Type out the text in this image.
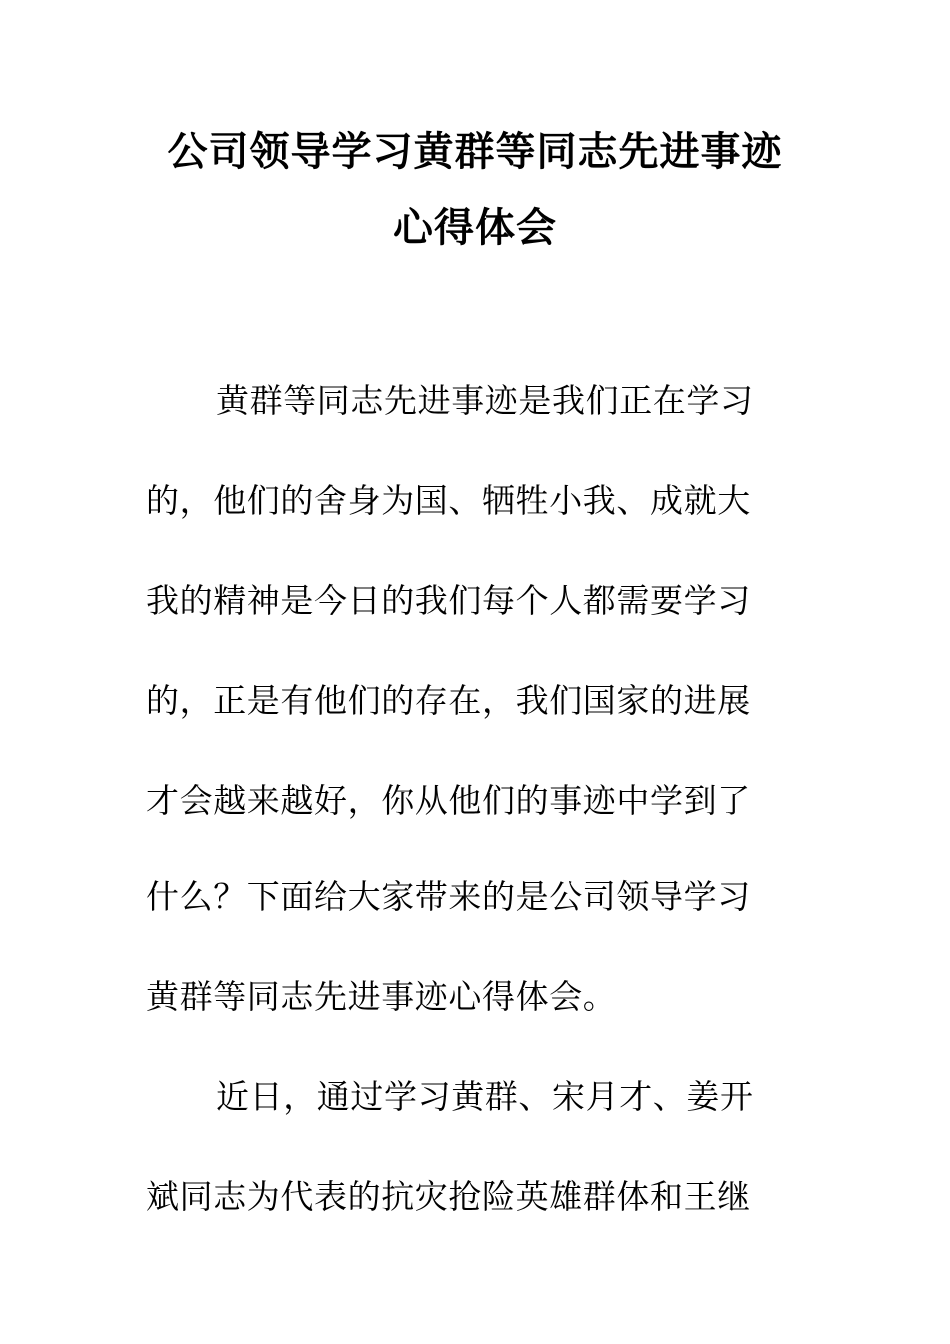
公司领导学习黄群等同志先进事迹
心得体会
黄群等同志先进事迹是我们正在学习
的，他们的舍身为国、牺牲小我、成就大
我的精神是今日的我们每个人都需要学习
的，正是有他们的存在，我们国家的进展
才会越来越好，你从他们的事迹中学到了
什么？下面给大家带来的是公司领导学习
黄群等同志先进事迹心得体会。
近日，通过学习黄群、宋月才、姜开
斌同志为代表的抗灾抢险英雄群体和王继
